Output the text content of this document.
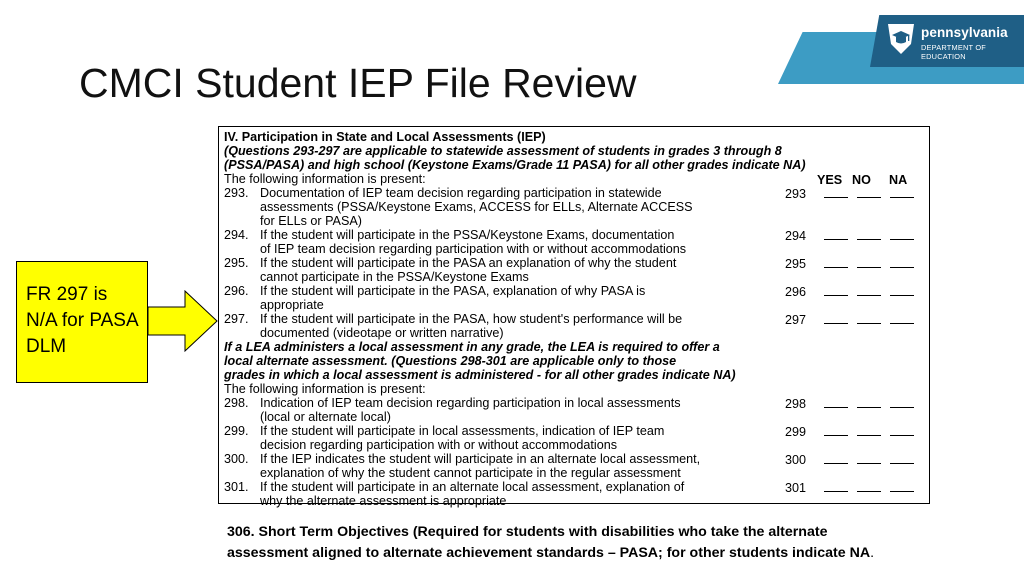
pennsylvania
DEPARTMENT OF EDUCATION
CMCI Student IEP File Review
IV. Participation in State and Local Assessments (IEP)
(Questions 293-297 are applicable to statewide assessment of students in grades 3 through 8
(PSSA/PASA) and high school (Keystone Exams/Grade 11 PASA) for all other grades indicate NA)
The following information is present:	YES NO NA
293. Documentation of IEP team decision regarding participation in statewide
assessments (PSSA/Keystone Exams, ACCESS for ELLs, Alternate ACCESS
for ELLs or PASA)
293
294. If the student will participate in the PSSA/Keystone Exams, documentation
of IEP team decision regarding participation with or without accommodations
294
295. If the student will participate in the PASA an explanation of why the student
cannot participate in the PSSA/Keystone Exams
295
296. If the student will participate in the PASA, explanation of why PASA is
appropriate
296
297. If the student will participate in the PASA, how student's performance will be
documented (videotape or written narrative)
297
If a LEA administers a local assessment in any grade, the LEA is required to offer a
local alternate assessment. (Questions 298-301 are applicable only to those
grades in which a local assessment is administered - for all other grades indicate NA)
The following information is present:
298. Indication of IEP team decision regarding participation in local assessments
(local or alternate local)
298
299. If the student will participate in local assessments, indication of IEP team
decision regarding participation with or without accommodations
299
300. If the IEP indicates the student will participate in an alternate local assessment,
explanation of why the student cannot participate in the regular assessment
300
301. If the student will participate in an alternate local assessment, explanation of
why the alternate assessment is appropriate
301
FR 297 is
N/A for PASA
DLM
306. Short Term Objectives (Required for students with disabilities who take the alternate
assessment aligned to alternate achievement standards – PASA; for other students indicate NA.
